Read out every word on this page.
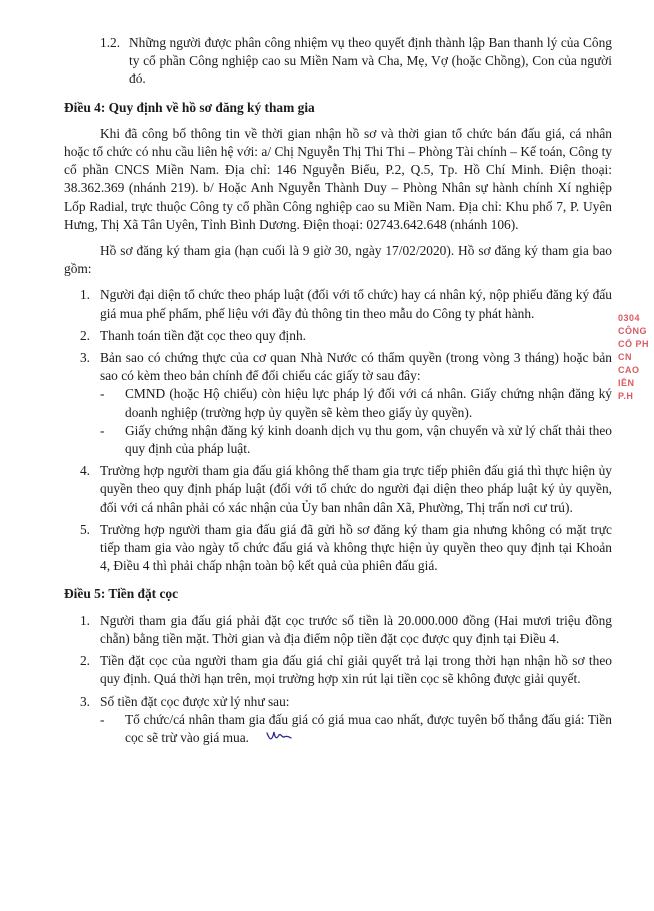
1.2. Những người được phân công nhiệm vụ theo quyết định thành lập Ban thanh lý của Công ty cổ phần Công nghiệp cao su Miền Nam và Cha, Mẹ, Vợ (hoặc Chồng), Con của người đó.
Điều 4: Quy định về hồ sơ đăng ký tham gia

Khi đã công bố thông tin về thời gian nhận hồ sơ và thời gian tổ chức bán đấu giá, cá nhân hoặc tổ chức có nhu cầu liên hệ với: a/ Chị Nguyễn Thị Thi Thi – Phòng Tài chính – Kế toán, Công ty cổ phần CNCS Miền Nam. Địa chỉ: 146 Nguyễn Biểu, P.2, Q.5, Tp. Hồ Chí Minh. Điện thoại: 38.362.369 (nhánh 219). b/ Hoặc Anh Nguyễn Thành Duy – Phòng Nhân sự hành chính Xí nghiệp Lốp Radial, trực thuộc Công ty cổ phần Công nghiệp cao su Miền Nam. Địa chỉ: Khu phố 7, P. Uyên Hưng, Thị Xã Tân Uyên, Tỉnh Bình Dương. Điện thoại: 02743.642.648 (nhánh 106).

Hồ sơ đăng ký tham gia (hạn cuối là 9 giờ 30, ngày 17/02/2020). Hồ sơ đăng ký tham gia bao gồm:

1. Người đại diện tổ chức theo pháp luật (đối với tổ chức) hay cá nhân ký, nộp phiếu đăng ký đấu giá mua phế phẩm, phế liệu với đầy đủ thông tin theo mẫu do Công ty phát hành.
2. Thanh toán tiền đặt cọc theo quy định.
3. Bản sao có chứng thực của cơ quan Nhà Nước có thẩm quyền (trong vòng 3 tháng) hoặc bản sao có kèm theo bản chính để đối chiếu các giấy tờ sau đây:
-	CMND (hoặc Hộ chiếu) còn hiệu lực pháp lý đối với cá nhân. Giấy chứng nhận đăng ký doanh nghiệp (trường hợp ủy quyền sẽ kèm theo giấy ủy quyền).
-	Giấy chứng nhận đăng ký kinh doanh dịch vụ thu gom, vận chuyển và xử lý chất thải theo quy định của pháp luật.
4. Trường hợp người tham gia đấu giá không thể tham gia trực tiếp phiên đấu giá thì thực hiện ủy quyền theo quy định pháp luật (đối với tổ chức do người đại diện theo pháp luật ký ủy quyền, đối với cá nhân phải có xác nhận của Ủy ban nhân dân Xã, Phường, Thị trấn nơi cư trú).
5. Trường hợp người tham gia đấu giá đã gửi hồ sơ đăng ký tham gia nhưng không có mặt trực tiếp tham gia vào ngày tổ chức đấu giá và không thực hiện ủy quyền theo quy định tại Khoản 4, Điều 4 thì phải chấp nhận toàn bộ kết quả của phiên đấu giá.
Điều 5: Tiền đặt cọc
1. Người tham gia đấu giá phải đặt cọc trước số tiền là 20.000.000 đồng (Hai mươi triệu đồng chẵn) bằng tiền mặt. Thời gian và địa điểm nộp tiền đặt cọc được quy định tại Điều 4.
2. Tiền đặt cọc của người tham gia đấu giá chỉ giải quyết trả lại trong thời hạn nhận hồ sơ theo quy định. Quá thời hạn trên, mọi trường hợp xin rút lại tiền cọc sẽ không được giải quyết.
3. Số tiền đặt cọc được xử lý như sau:
-	Tổ chức/cá nhân tham gia đấu giá có giá mua cao nhất, được tuyên bố thắng đấu giá: Tiền cọc sẽ trừ vào giá mua.
0304
CÔNG
CỔ PH
CN
CAO
IỀN
P.H
